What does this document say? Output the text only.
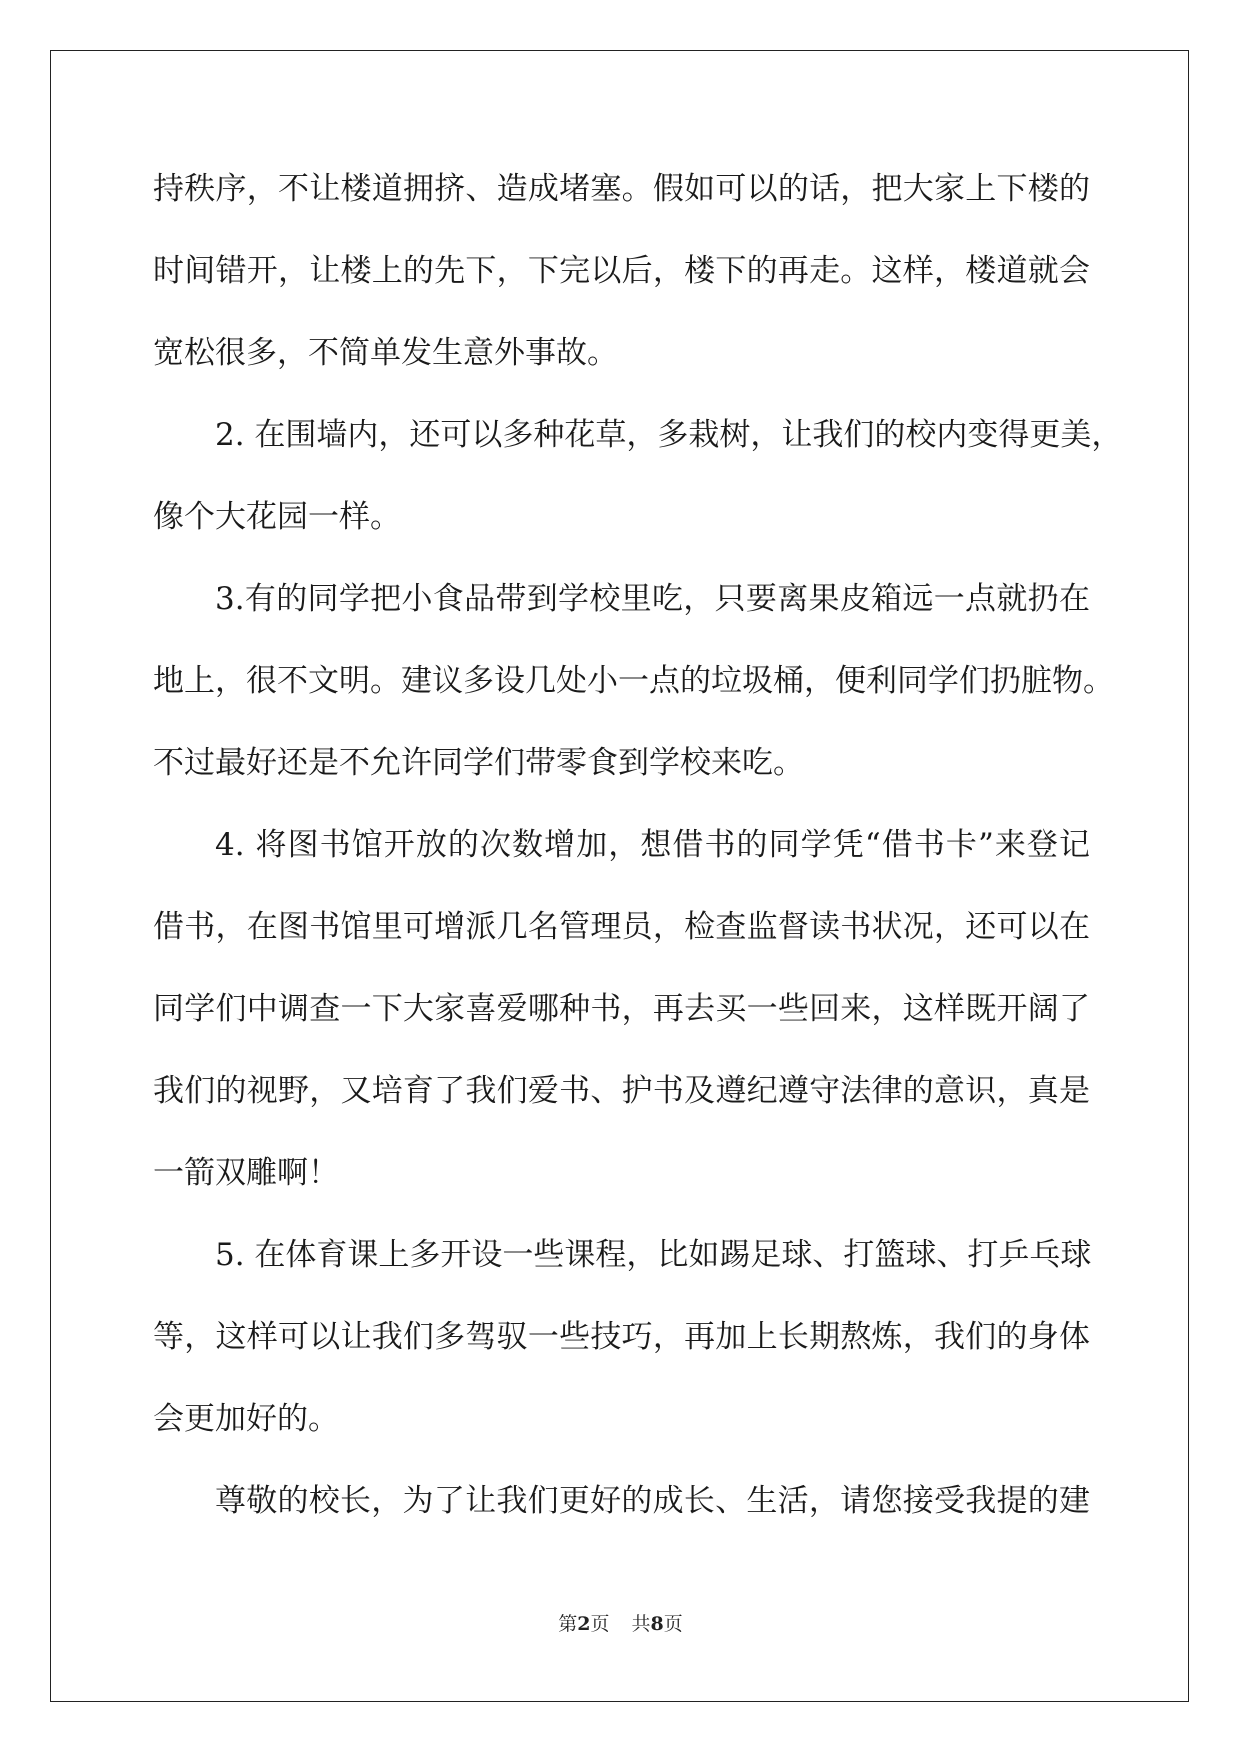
持秩序，不让楼道拥挤、造成堵塞。假如可以的话，把大家上下楼的
时间错开，让楼上的先下，下完以后，楼下的再走。这样，楼道就会
宽松很多，不简单发生意外事故。
2. 在围墙内，还可以多种花草，多栽树，让我们的校内变得更美，
像个大花园一样。
3.有的同学把小食品带到学校里吃，只要离果皮箱远一点就扔在
地上，很不文明。建议多设几处小一点的垃圾桶，便利同学们扔脏物。
不过最好还是不允许同学们带零食到学校来吃。
4. 将图书馆开放的次数增加，想借书的同学凭“借书卡”来登记
借书，在图书馆里可增派几名管理员，检查监督读书状况，还可以在
同学们中调查一下大家喜爱哪种书，再去买一些回来，这样既开阔了
我们的视野，又培育了我们爱书、护书及遵纪遵守法律的意识，真是
一箭双雕啊！
5. 在体育课上多开设一些课程，比如踢足球、打篮球、打乒乓球
等，这样可以让我们多驾驭一些技巧，再加上长期熬炼，我们的身体
会更加好的。
尊敬的校长，为了让我们更好的成长、生活，请您接受我提的建
第2页 共8页
